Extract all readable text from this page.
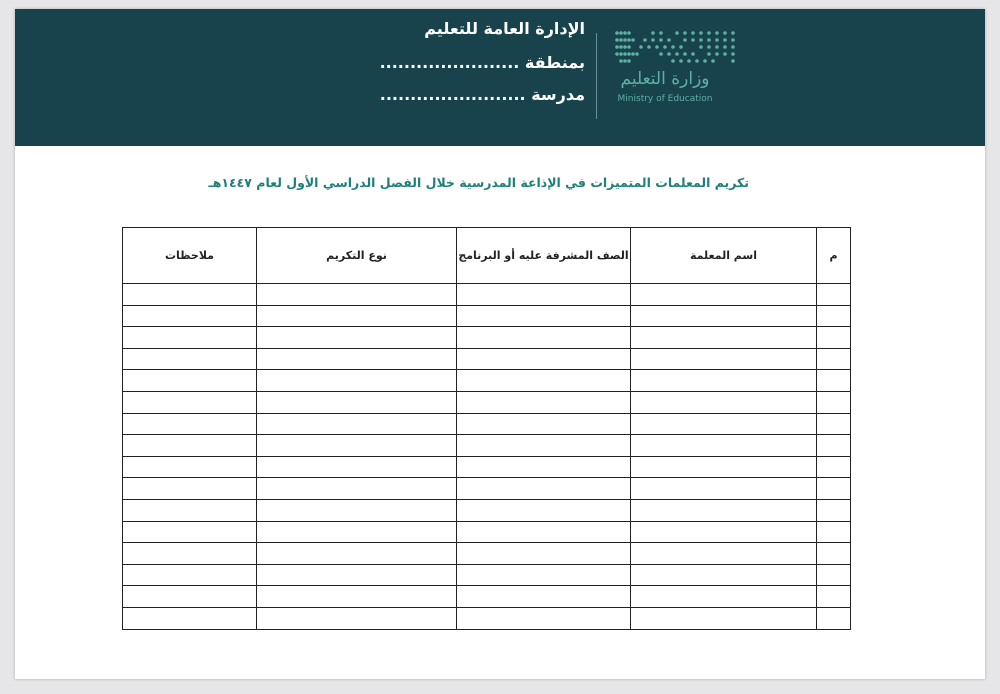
وزارة التعليم
Ministry of Education
الإدارة العامة للتعليم
بمنطقة .......................
مدرسة ........................
تكريم المعلمات المتميزات في الإذاعة المدرسية خلال الفصل الدراسي الأول لعام ١٤٤٧هـ
م	اسم المعلمة	الصف المشرفة عليه أو البرنامج	نوع التكريم	ملاحظات
